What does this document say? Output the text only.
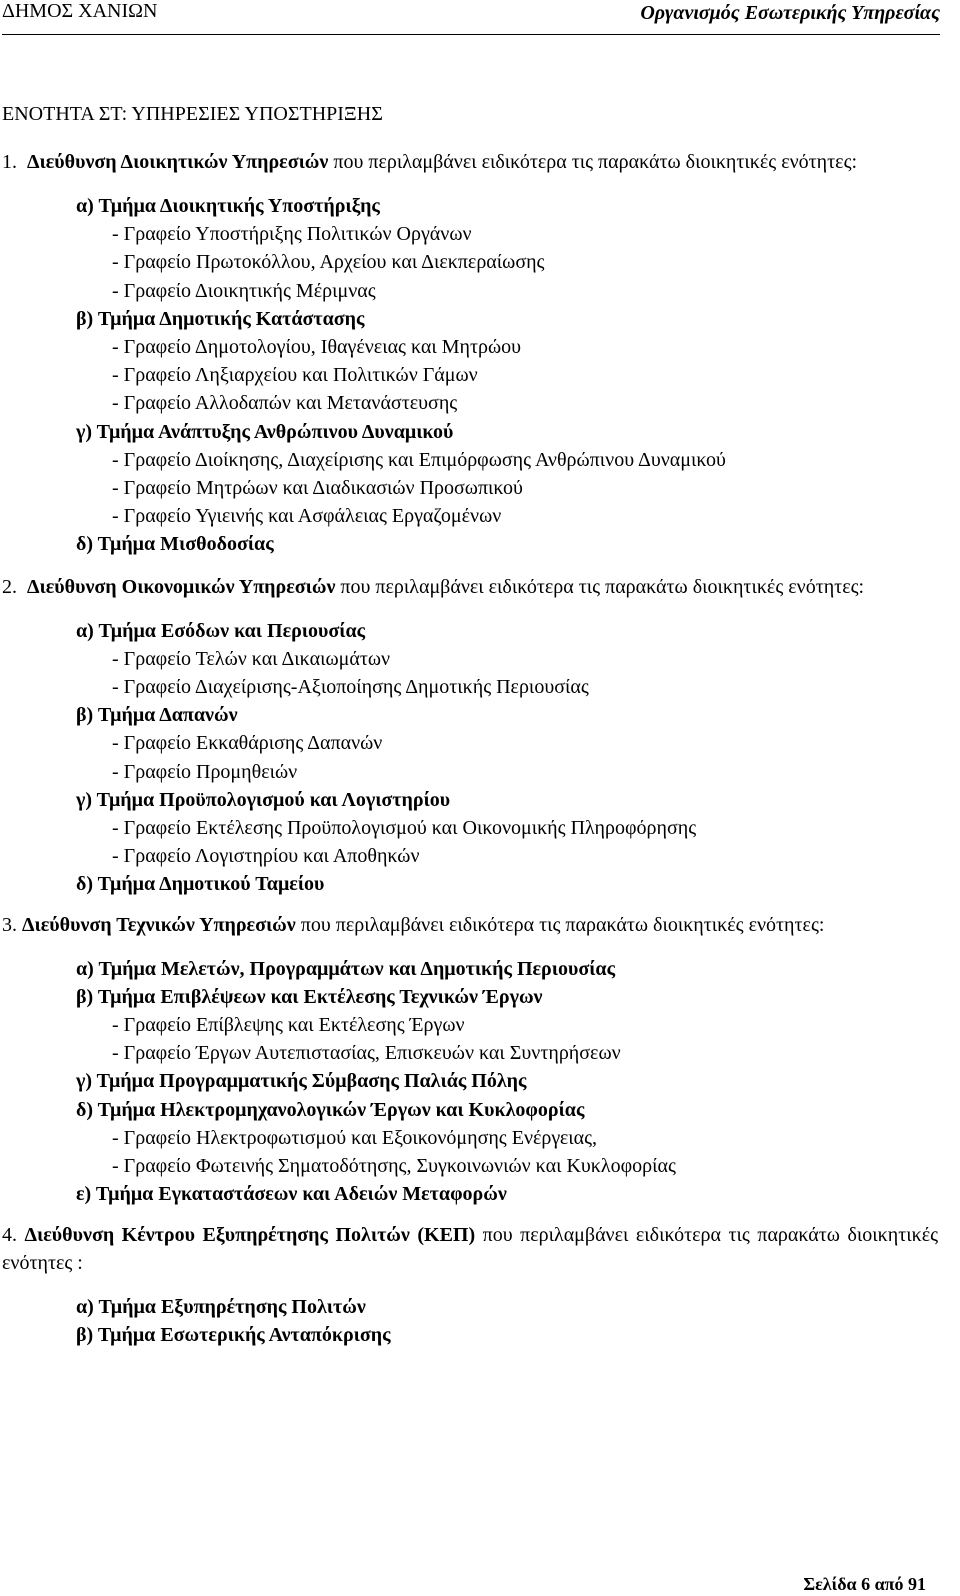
ΔΗΜΟΣ ΧΑΝΙΩΝ	Οργανισμός Εσωτερικής Υπηρεσίας
ΕΝΟΤΗΤΑ ΣΤ: ΥΠΗΡΕΣΙΕΣ ΥΠΟΣΤΗΡΙΞΗΣ
1. Διεύθυνση Διοικητικών Υπηρεσιών που περιλαμβάνει ειδικότερα τις παρακάτω διοικητικές ενότητες:
α) Τμήμα Διοικητικής Υποστήριξης
- Γραφείο Υποστήριξης Πολιτικών Οργάνων
- Γραφείο Πρωτοκόλλου, Αρχείου και Διεκπεραίωσης
- Γραφείο Διοικητικής Μέριμνας
β) Τμήμα Δημοτικής Κατάστασης
- Γραφείο Δημοτολογίου, Ιθαγένειας και Μητρώου
- Γραφείο Ληξιαρχείου και Πολιτικών Γάμων
- Γραφείο Αλλοδαπών και Μετανάστευσης
γ) Τμήμα Ανάπτυξης Ανθρώπινου Δυναμικού
- Γραφείο Διοίκησης, Διαχείρισης και Επιμόρφωσης Ανθρώπινου Δυναμικού
- Γραφείο Μητρώων και Διαδικασιών Προσωπικού
- Γραφείο Υγιεινής και Ασφάλειας Εργαζομένων
δ) Τμήμα Μισθοδοσίας
2. Διεύθυνση Οικονομικών Υπηρεσιών που περιλαμβάνει ειδικότερα τις παρακάτω διοικητικές ενότητες:
α) Τμήμα Εσόδων και Περιουσίας
- Γραφείο Τελών και Δικαιωμάτων
- Γραφείο Διαχείρισης-Αξιοποίησης Δημοτικής Περιουσίας
β) Τμήμα Δαπανών
- Γραφείο Εκκαθάρισης Δαπανών
- Γραφείο Προμηθειών
γ) Τμήμα Προϋπολογισμού και Λογιστηρίου
- Γραφείο Εκτέλεσης Προϋπολογισμού και Οικονομικής Πληροφόρησης
- Γραφείο Λογιστηρίου και Αποθηκών
δ) Τμήμα Δημοτικού Ταμείου
3. Διεύθυνση Τεχνικών Υπηρεσιών που περιλαμβάνει ειδικότερα τις παρακάτω διοικητικές ενότητες:
α) Τμήμα Μελετών, Προγραμμάτων και Δημοτικής Περιουσίας
β) Τμήμα Επιβλέψεων και Εκτέλεσης Τεχνικών Έργων
- Γραφείο Επίβλεψης και Εκτέλεσης Έργων
- Γραφείο Έργων Αυτεπιστασίας, Επισκευών και Συντηρήσεων
γ) Τμήμα Προγραμματικής Σύμβασης Παλιάς Πόλης
δ) Τμήμα Ηλεκτρομηχανολογικών Έργων και Κυκλοφορίας
- Γραφείο Ηλεκτροφωτισμού και Εξοικονόμησης Ενέργειας,
- Γραφείο Φωτεινής Σηματοδότησης, Συγκοινωνιών και Κυκλοφορίας
ε) Τμήμα Εγκαταστάσεων και Αδειών Μεταφορών
4. Διεύθυνση Κέντρου Εξυπηρέτησης Πολιτών (ΚΕΠ) που περιλαμβάνει ειδικότερα τις παρακάτω διοικητικές ενότητες :
α) Τμήμα Εξυπηρέτησης Πολιτών
β) Τμήμα Εσωτερικής Ανταπόκρισης
Σελίδα 6 από 91
